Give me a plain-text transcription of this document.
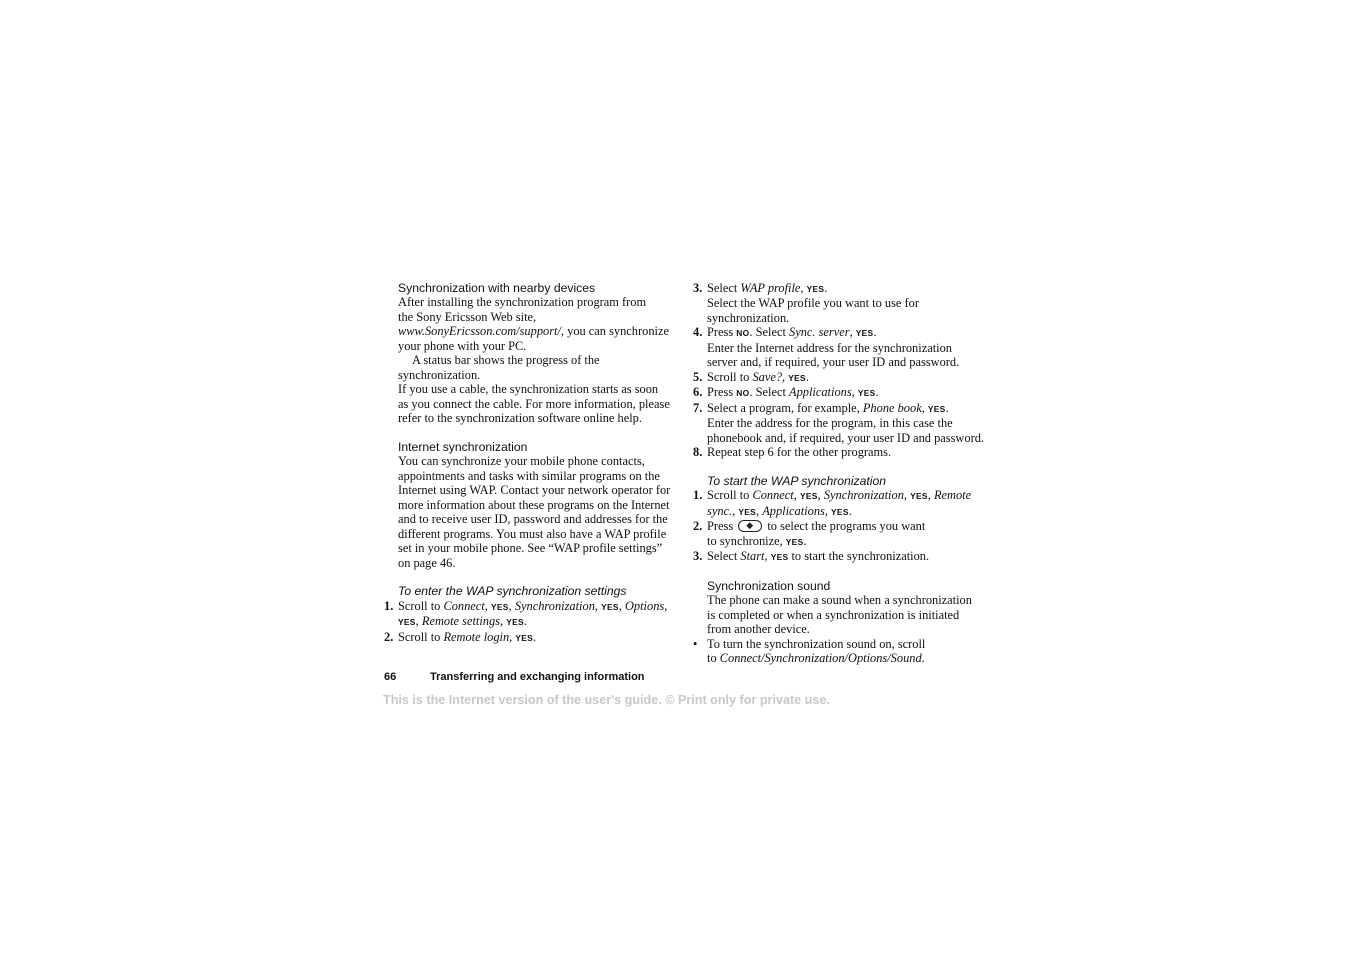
Synchronization with nearby devices
After installing the synchronization program from
the Sony Ericsson Web site,
www.SonyEricsson.com/support/, you can synchronize
your phone with your PC.
A status bar shows the progress of the synchronization.
If you use a cable, the synchronization starts as soon
as you connect the cable. For more information, please
refer to the synchronization software online help.
Internet synchronization
You can synchronize your mobile phone contacts,
appointments and tasks with similar programs on the
Internet using WAP. Contact your network operator for
more information about these programs on the Internet
and to receive user ID, password and addresses for the
different programs. You must also have a WAP profile
set in your mobile phone. See “WAP profile settings”
on page 46.
To enter the WAP synchronization settings
1. Scroll to Connect, YES, Synchronization, YES, Options,
YES, Remote settings, YES.
2. Scroll to Remote login, YES.
3. Select WAP profile, YES.
Select the WAP profile you want to use for
synchronization.
4. Press NO. Select Sync. server, YES.
Enter the Internet address for the synchronization
server and, if required, your user ID and password.
5. Scroll to Save?, YES.
6. Press NO. Select Applications, YES.
7. Select a program, for example, Phone book, YES.
Enter the address for the program, in this case the
phonebook and, if required, your user ID and password.
8. Repeat step 6 for the other programs.
To start the WAP synchronization
1. Scroll to Connect, YES, Synchronization, YES, Remote
sync., YES, Applications, YES.
2. Press ◆ to select the programs you want
to synchronize, YES.
3. Select Start, YES to start the synchronization.
Synchronization sound
The phone can make a sound when a synchronization
is completed or when a synchronization is initiated
from another device.
• To turn the synchronization sound on, scroll
to Connect/Synchronization/Options/Sound.
66	Transferring and exchanging information
This is the Internet version of the user's guide. © Print only for private use.
